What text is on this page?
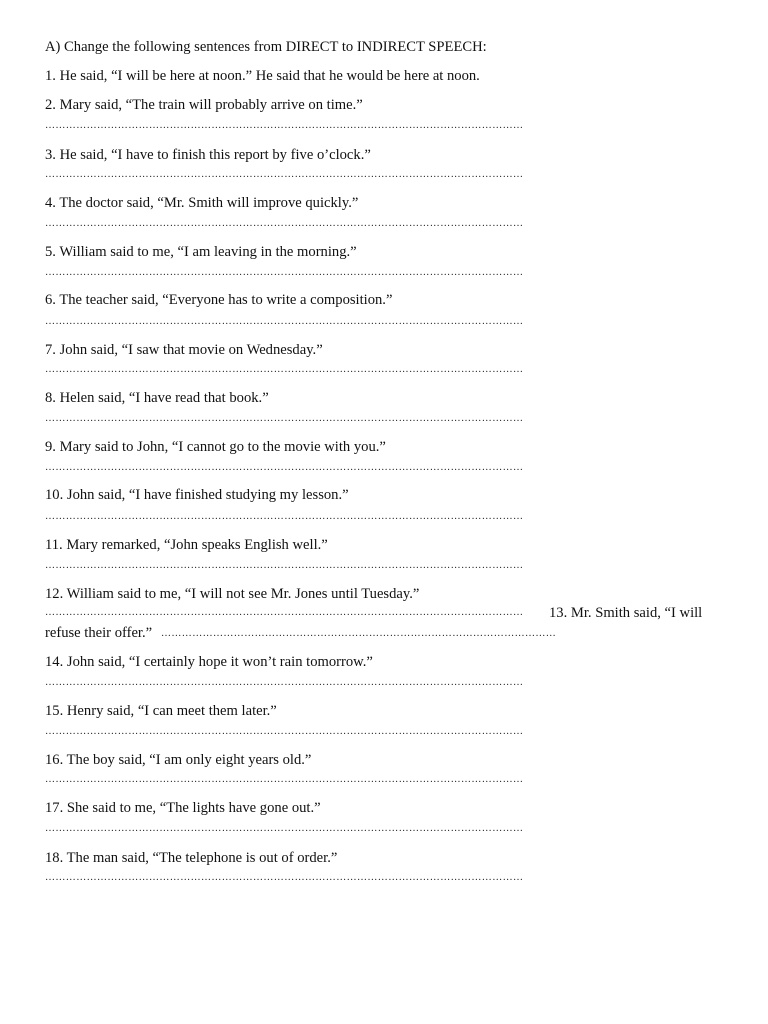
A) Change the following sentences from DIRECT to INDIRECT SPEECH:

1. He said, “I will be here at noon.” He said that he would be here at noon.

2. Mary said, “The train will probably arrive on time.”

…………………………………………………………………………………………………………………………

3. He said, “I have to finish this report by five o’clock.”

…………………………………………………………………………………………………………………………

4. The doctor said, “Mr. Smith will improve quickly.”

…………………………………………………………………………………………………………………………

5. William said to me, “I am leaving in the morning.”

…………………………………………………………………………………………………………………………

6. The teacher said, “Everyone has to write a composition.”

…………………………………………………………………………………………………………………………

7. John said, “I saw that movie on Wednesday.”

…………………………………………………………………………………………………………………………

8. Helen said, “I have read that book.”

…………………………………………………………………………………………………………………………

9. Mary said to John, “I cannot go to the movie with you.”

…………………………………………………………………………………………………………………………

10. John said, “I have finished studying my lesson.”

…………………………………………………………………………………………………………………………

11. Mary remarked, “John speaks English well.”

…………………………………………………………………………………………………………………………

12. William said to me, “I will not see Mr. Jones until Tuesday.”

…………………………………………………………………………………………………………………………	13. Mr. Smith said, “I will
refuse their offer.” ……………………………………………………………………………………………………

14. John said, “I certainly hope it won’t rain tomorrow.”

…………………………………………………………………………………………………………………………

15. Henry said, “I can meet them later.”

…………………………………………………………………………………………………………………………

16. The boy said, “I am only eight years old.”

…………………………………………………………………………………………………………………………

17. She said to me, “The lights have gone out.”

…………………………………………………………………………………………………………………………

18. The man said, “The telephone is out of order.”

…………………………………………………………………………………………………………………………
